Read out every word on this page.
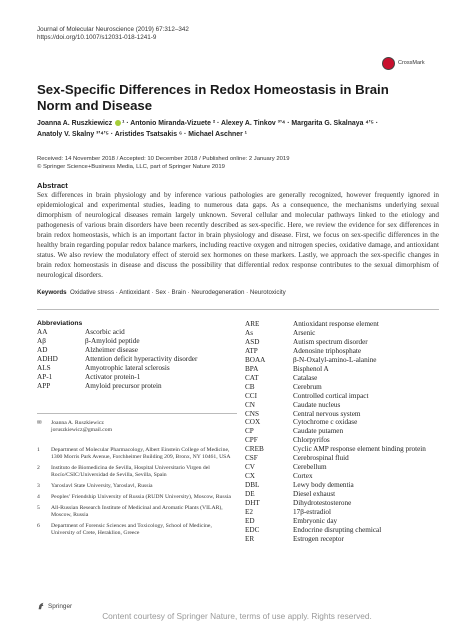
Journal of Molecular Neuroscience (2019) 67:312–342
https://doi.org/10.1007/s12031-018-1241-9
CrossMark
Sex-Specific Differences in Redox Homeostasis in Brain
Norm and Disease
Joanna A. Ruszkiewicz ¹ · Antonio Miranda-Vizuete ² · Alexey A. Tinkov ³ʼ⁴ · Margarita G. Skalnaya ⁴ʼ⁵ ·
Anatoly V. Skalny ³ʼ⁴ʼ⁵ · Aristides Tsatsakis ⁶ · Michael Aschner ¹
Received: 14 November 2018 / Accepted: 10 December 2018 / Published online: 2 January 2019
© Springer Science+Business Media, LLC, part of Springer Nature 2019
Abstract
Sex differences in brain physiology and by inference various pathologies are generally recognized, however frequently ignored in epidemiological and experimental studies, leading to numerous data gaps. As a consequence, the mechanisms underlying sexual dimorphism of neurological diseases remain largely unknown. Several cellular and molecular pathways linked to the etiology and pathogenesis of various brain disorders have been recently described as sex-specific. Here, we review the evidence for sex differences in brain redox homeostasis, which is an important factor in brain physiology and disease. First, we focus on sex-specific differences in the healthy brain regarding popular redox balance markers, including reactive oxygen and nitrogen species, oxidative damage, and antioxidant status. We also review the modulatory effect of steroid sex hormones on these markers. Lastly, we approach the sex-specific changes in brain redox homeostasis in disease and discuss the possibility that differential redox response contributes to the sexual dimorphism of neurological disorders.
Keywords Oxidative stress · Antioxidant · Sex · Brain · Neurodegeneration · Neurotoxicity
Abbreviations
AA	Ascorbic acid
Aβ	β-Amyloid peptide
AD	Alzheimer disease
ADHD	Attention deficit hyperactivity disorder
ALS	Amyotrophic lateral sclerosis
AP-1	Activator protein-1
APP	Amyloid precursor protein
ARE	Antioxidant response element
As	Arsenic
ASD	Autism spectrum disorder
ATP	Adenosine triphosphate
BOAA	β-N-Oxalyl-amino-L-alanine
BPA	Bisphenol A
CAT	Catalase
CB	Cerebrum
CCI	Controlled cortical impact
CN	Caudate nucleus
CNS	Central nervous system
COX	Cytochrome c oxidase
CP	Caudate putamen
CPF	Chlorpyrifos
CREB	Cyclic AMP response element binding protein
CSF	Cerebrospinal fluid
CV	Cerebellum
CX	Cortex
DBL	Lewy body dementia
DE	Diesel exhaust
DHT	Dihydrotestosterone
E2	17β-estradiol
ED	Embryonic day
EDC	Endocrine disrupting chemical
ER	Estrogen receptor
✉	Joanna A. Ruszkiewicz
joruszkiewicz@gmail.com
1	Department of Molecular Pharmacology, Albert Einstein College of Medicine, 1300 Morris Park Avenue, Forchheimer Building 209, Bronx, NY 10461, USA
2	Instituto de Biomedicina de Sevilla, Hospital Universitario Virgen del Rocío/CSIC/Universidad de Sevilla, Sevilla, Spain
3	Yaroslavl State University, Yaroslavl, Russia
4	Peoples’ Friendship University of Russia (RUDN University), Moscow, Russia
5	All-Russian Research Institute of Medicinal and Aromatic Plants (VILAR), Moscow, Russia
6	Department of Forensic Sciences and Toxicology, School of Medicine, University of Crete, Heraklion, Greece
Springer
Content courtesy of Springer Nature, terms of use apply. Rights reserved.
